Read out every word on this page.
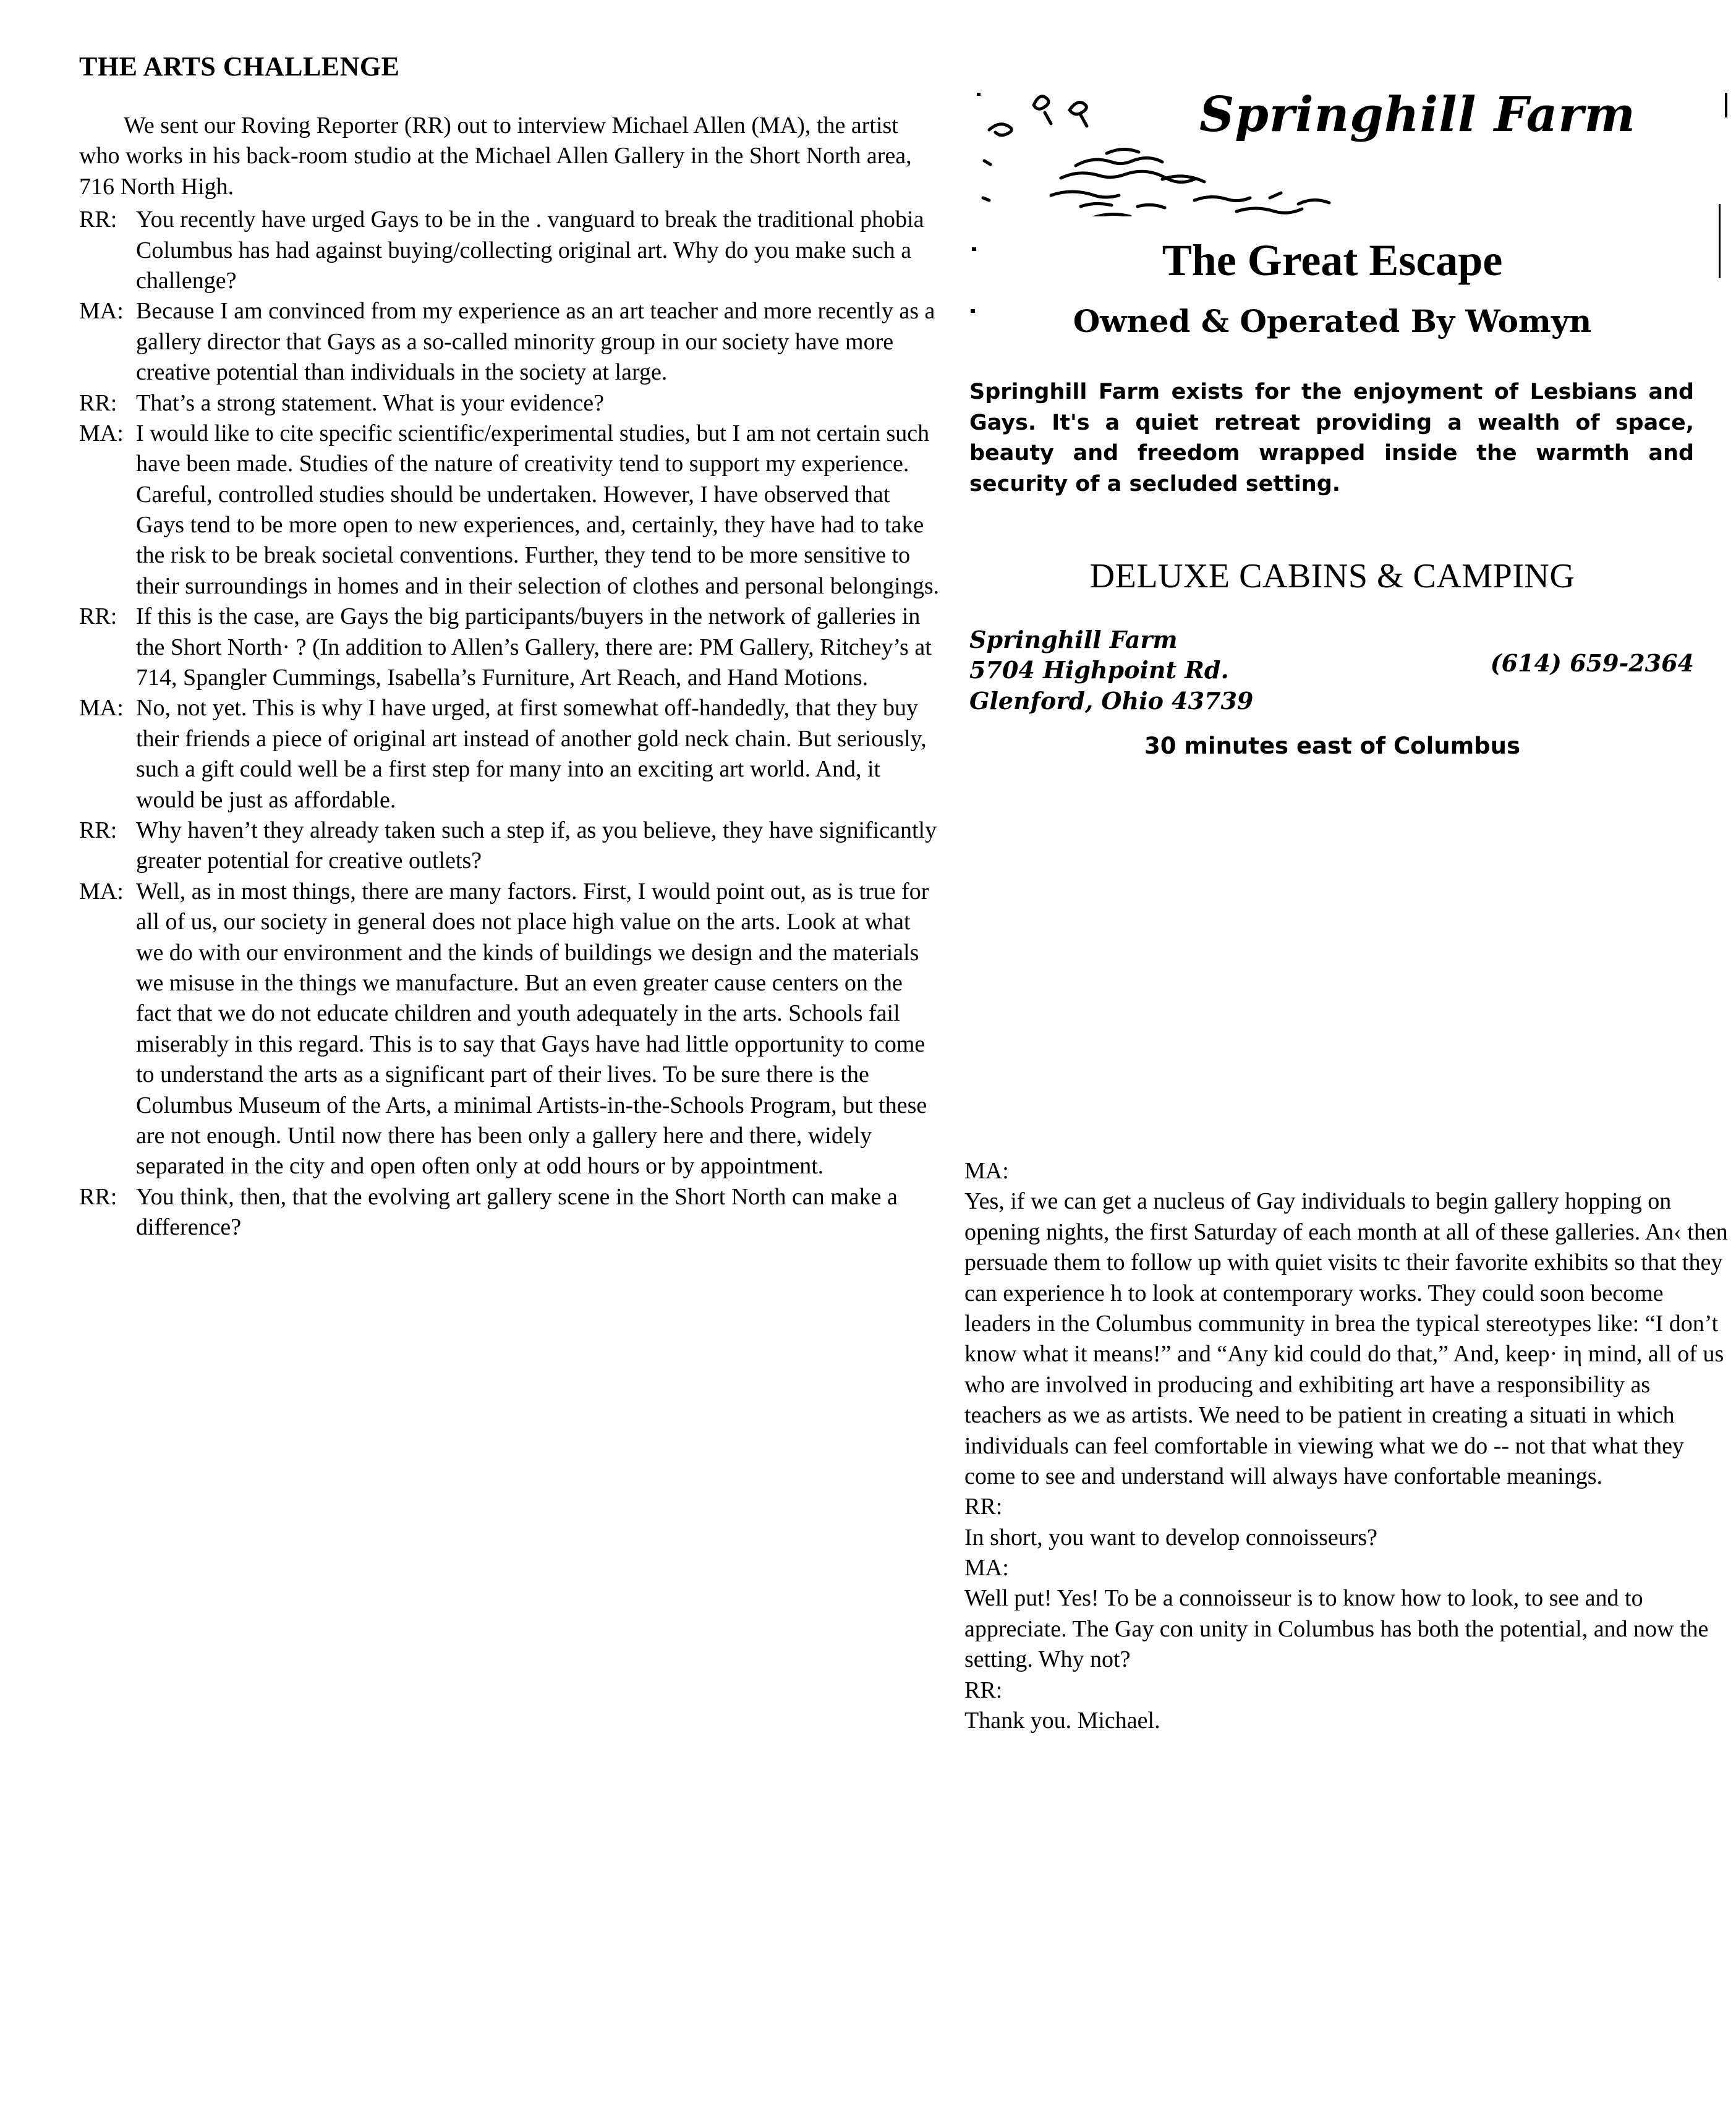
THE ARTS CHALLENGE

We sent our Roving Reporter (RR) out to interview Michael Allen (MA), the artist who works in his back-room studio at the Michael Allen Gallery in the Short North area, 716 North High.

RR: You recently have urged Gays to be in the . vanguard to break the traditional phobia Columbus has had against buying/collecting original art. Why do you make such a challenge?
MA: Because I am convinced from my experience as an art teacher and more recently as a gallery director that Gays as a so-called minority group in our society have more creative potential than individuals in the society at large.
RR: That’s a strong statement. What is your evidence?
MA: I would like to cite specific scientific/experimental studies, but I am not certain such have been made. Studies of the nature of creativity tend to support my experience. Careful, controlled studies should be undertaken. However, I have observed that Gays tend to be more open to new experiences, and, certainly, they have had to take the risk to be break societal conventions. Further, they tend to be more sensitive to their surroundings in homes and in their selection of clothes and personal belongings.
RR: If this is the case, are Gays the big participants/buyers in the network of galleries in the Short North· ? (In addition to Allen’s Gallery, there are: PM Gallery, Ritchey’s at 714, Spangler Cummings, Isabella’s Furniture, Art Reach, and Hand Motions.
MA: No, not yet. This is why I have urged, at first somewhat off-handedly, that they buy their friends a piece of original art instead of another gold neck chain. But seriously, such a gift could well be a first step for many into an exciting art world. And, it would be just as affordable.
RR: Why haven’t they already taken such a step if, as you believe, they have significantly greater potential for creative outlets?
MA: Well, as in most things, there are many factors. First, I would point out, as is true for all of us, our society in general does not place high value on the arts. Look at what we do with our environment and the kinds of buildings we design and the materials we misuse in the things we manufacture. But an even greater cause centers on the fact that we do not educate children and youth adequately in the arts. Schools fail miserably in this regard. This is to say that Gays have had little opportunity to come to understand the arts as a significant part of their lives. To be sure there is the Columbus Museum of the Arts, a minimal Artists-in-the-Schools Program, but these are not enough. Until now there has been only a gallery here and there, widely separated in the city and open often only at odd hours or by appointment.
RR: You think, then, that the evolving art gallery scene in the Short North can make a difference?
Springhill Farm
The Great Escape
Owned & Operated By Womyn
Springhill Farm exists for the enjoyment of Lesbians and Gays. It's a quiet retreat providing a wealth of space, beauty and freedom wrapped inside the warmth and security of a secluded setting.
DELUXE CABINS & CAMPING
Springhill Farm
5704 Highpoint Rd.
Glenford, Ohio 43739
(614) 659-2364
30 minutes east of Columbus
MA:

Yes, if we can get a nucleus of Gay individuals to begin gallery hopping on opening nights, the first Saturday of each month at all of these galleries. An‹ then persuade them to follow up with quiet visits tc their favorite exhibits so that they can experience h to look at contemporary works. They could soon become leaders in the Columbus community in brea the typical stereotypes like: “I don’t know what it means!” and “Any kid could do that,” And, keep· iη mind, all of us who are involved in producing and exhibiting art have a responsibility as teachers as we as artists. We need to be patient in creating a situati in which individuals can feel comfortable in viewing what we do -- not that what they come to see and understand will always have confortable meanings.

RR:

In short, you want to develop connoisseurs?

MA:

Well put! Yes! To be a connoisseur is to know how to look, to see and to appreciate. The Gay con unity in Columbus has both the potential, and now the setting. Why not?

RR:

Thank you. Michael.
